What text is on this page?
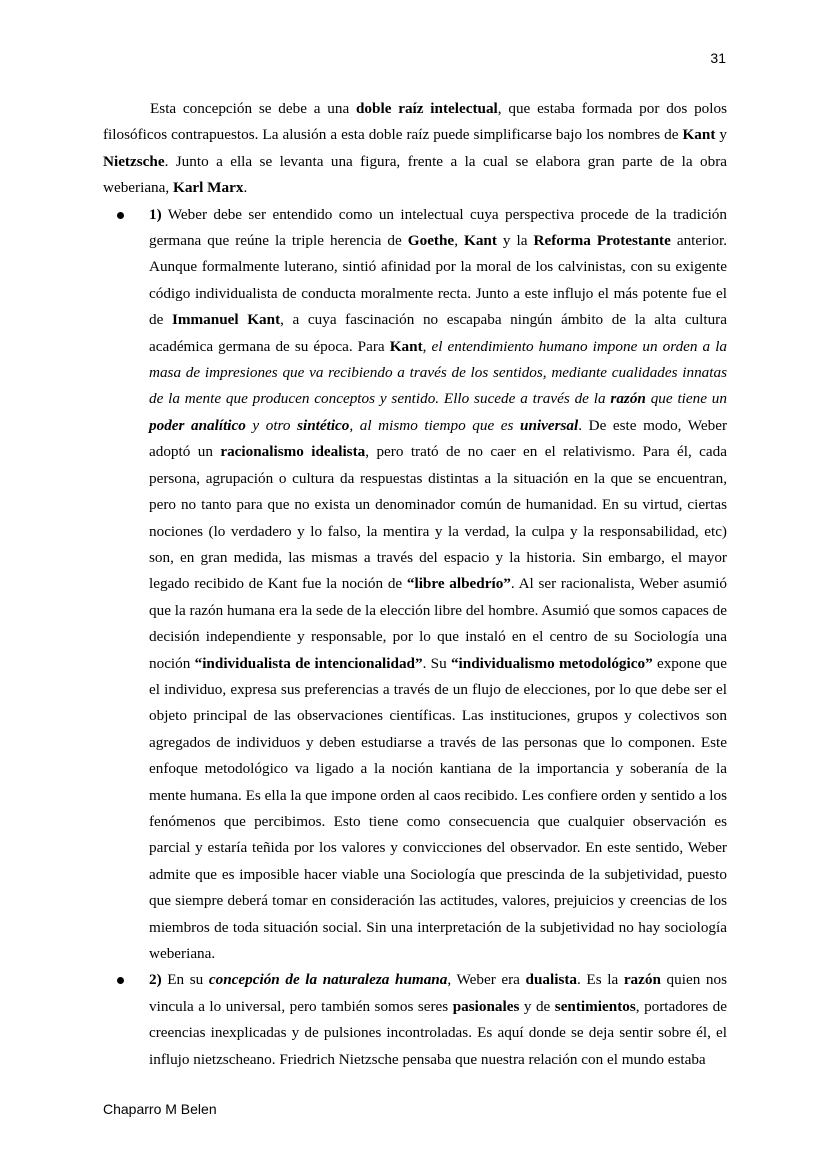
31

Esta concepción se debe a una doble raíz intelectual, que estaba formada por dos polos filosóficos contrapuestos. La alusión a esta doble raíz puede simplificarse bajo los nombres de Kant y Nietzsche. Junto a ella se levanta una figura, frente a la cual se elabora gran parte de la obra weberiana, Karl Marx.

1) Weber debe ser entendido como un intelectual cuya perspectiva procede de la tradición germana que reúne la triple herencia de Goethe, Kant y la Reforma Protestante anterior. Aunque formalmente luterano, sintió afinidad por la moral de los calvinistas, con su exigente código individualista de conducta moralmente recta. Junto a este influjo el más potente fue el de Immanuel Kant, a cuya fascinación no escapaba ningún ámbito de la alta cultura académica germana de su época. Para Kant, el entendimiento humano impone un orden a la masa de impresiones que va recibiendo a través de los sentidos, mediante cualidades innatas de la mente que producen conceptos y sentido. Ello sucede a través de la razón que tiene un poder analítico y otro sintético, al mismo tiempo que es universal. De este modo, Weber adoptó un racionalismo idealista, pero trató de no caer en el relativismo. Para él, cada persona, agrupación o cultura da respuestas distintas a la situación en la que se encuentran, pero no tanto para que no exista un denominador común de humanidad. En su virtud, ciertas nociones (lo verdadero y lo falso, la mentira y la verdad, la culpa y la responsabilidad, etc) son, en gran medida, las mismas a través del espacio y la historia. Sin embargo, el mayor legado recibido de Kant fue la noción de “libre albedrío”. Al ser racionalista, Weber asumió que la razón humana era la sede de la elección libre del hombre. Asumió que somos capaces de decisión independiente y responsable, por lo que instaló en el centro de su Sociología una noción “individualista de intencionalidad”. Su “individualismo metodológico” expone que el individuo, expresa sus preferencias a través de un flujo de elecciones, por lo que debe ser el objeto principal de las observaciones científicas. Las instituciones, grupos y colectivos son agregados de individuos y deben estudiarse a través de las personas que lo componen. Este enfoque metodológico va ligado a la noción kantiana de la importancia y soberanía de la mente humana. Es ella la que impone orden al caos recibido. Les confiere orden y sentido a los fenómenos que percibimos. Esto tiene como consecuencia que cualquier observación es parcial y estaría teñida por los valores y convicciones del observador. En este sentido, Weber admite que es imposible hacer viable una Sociología que prescinda de la subjetividad, puesto que siempre deberá tomar en consideración las actitudes, valores, prejuicios y creencias de los miembros de toda situación social. Sin una interpretación de la subjetividad no hay sociología weberiana.
2) En su concepción de la naturaleza humana, Weber era dualista. Es la razón quien nos vincula a lo universal, pero también somos seres pasionales y de sentimientos, portadores de creencias inexplicadas y de pulsiones incontroladas. Es aquí donde se deja sentir sobre él, el influjo nietzscheano. Friedrich Nietzsche pensaba que nuestra relación con el mundo estaba
Chaparro M Belen
